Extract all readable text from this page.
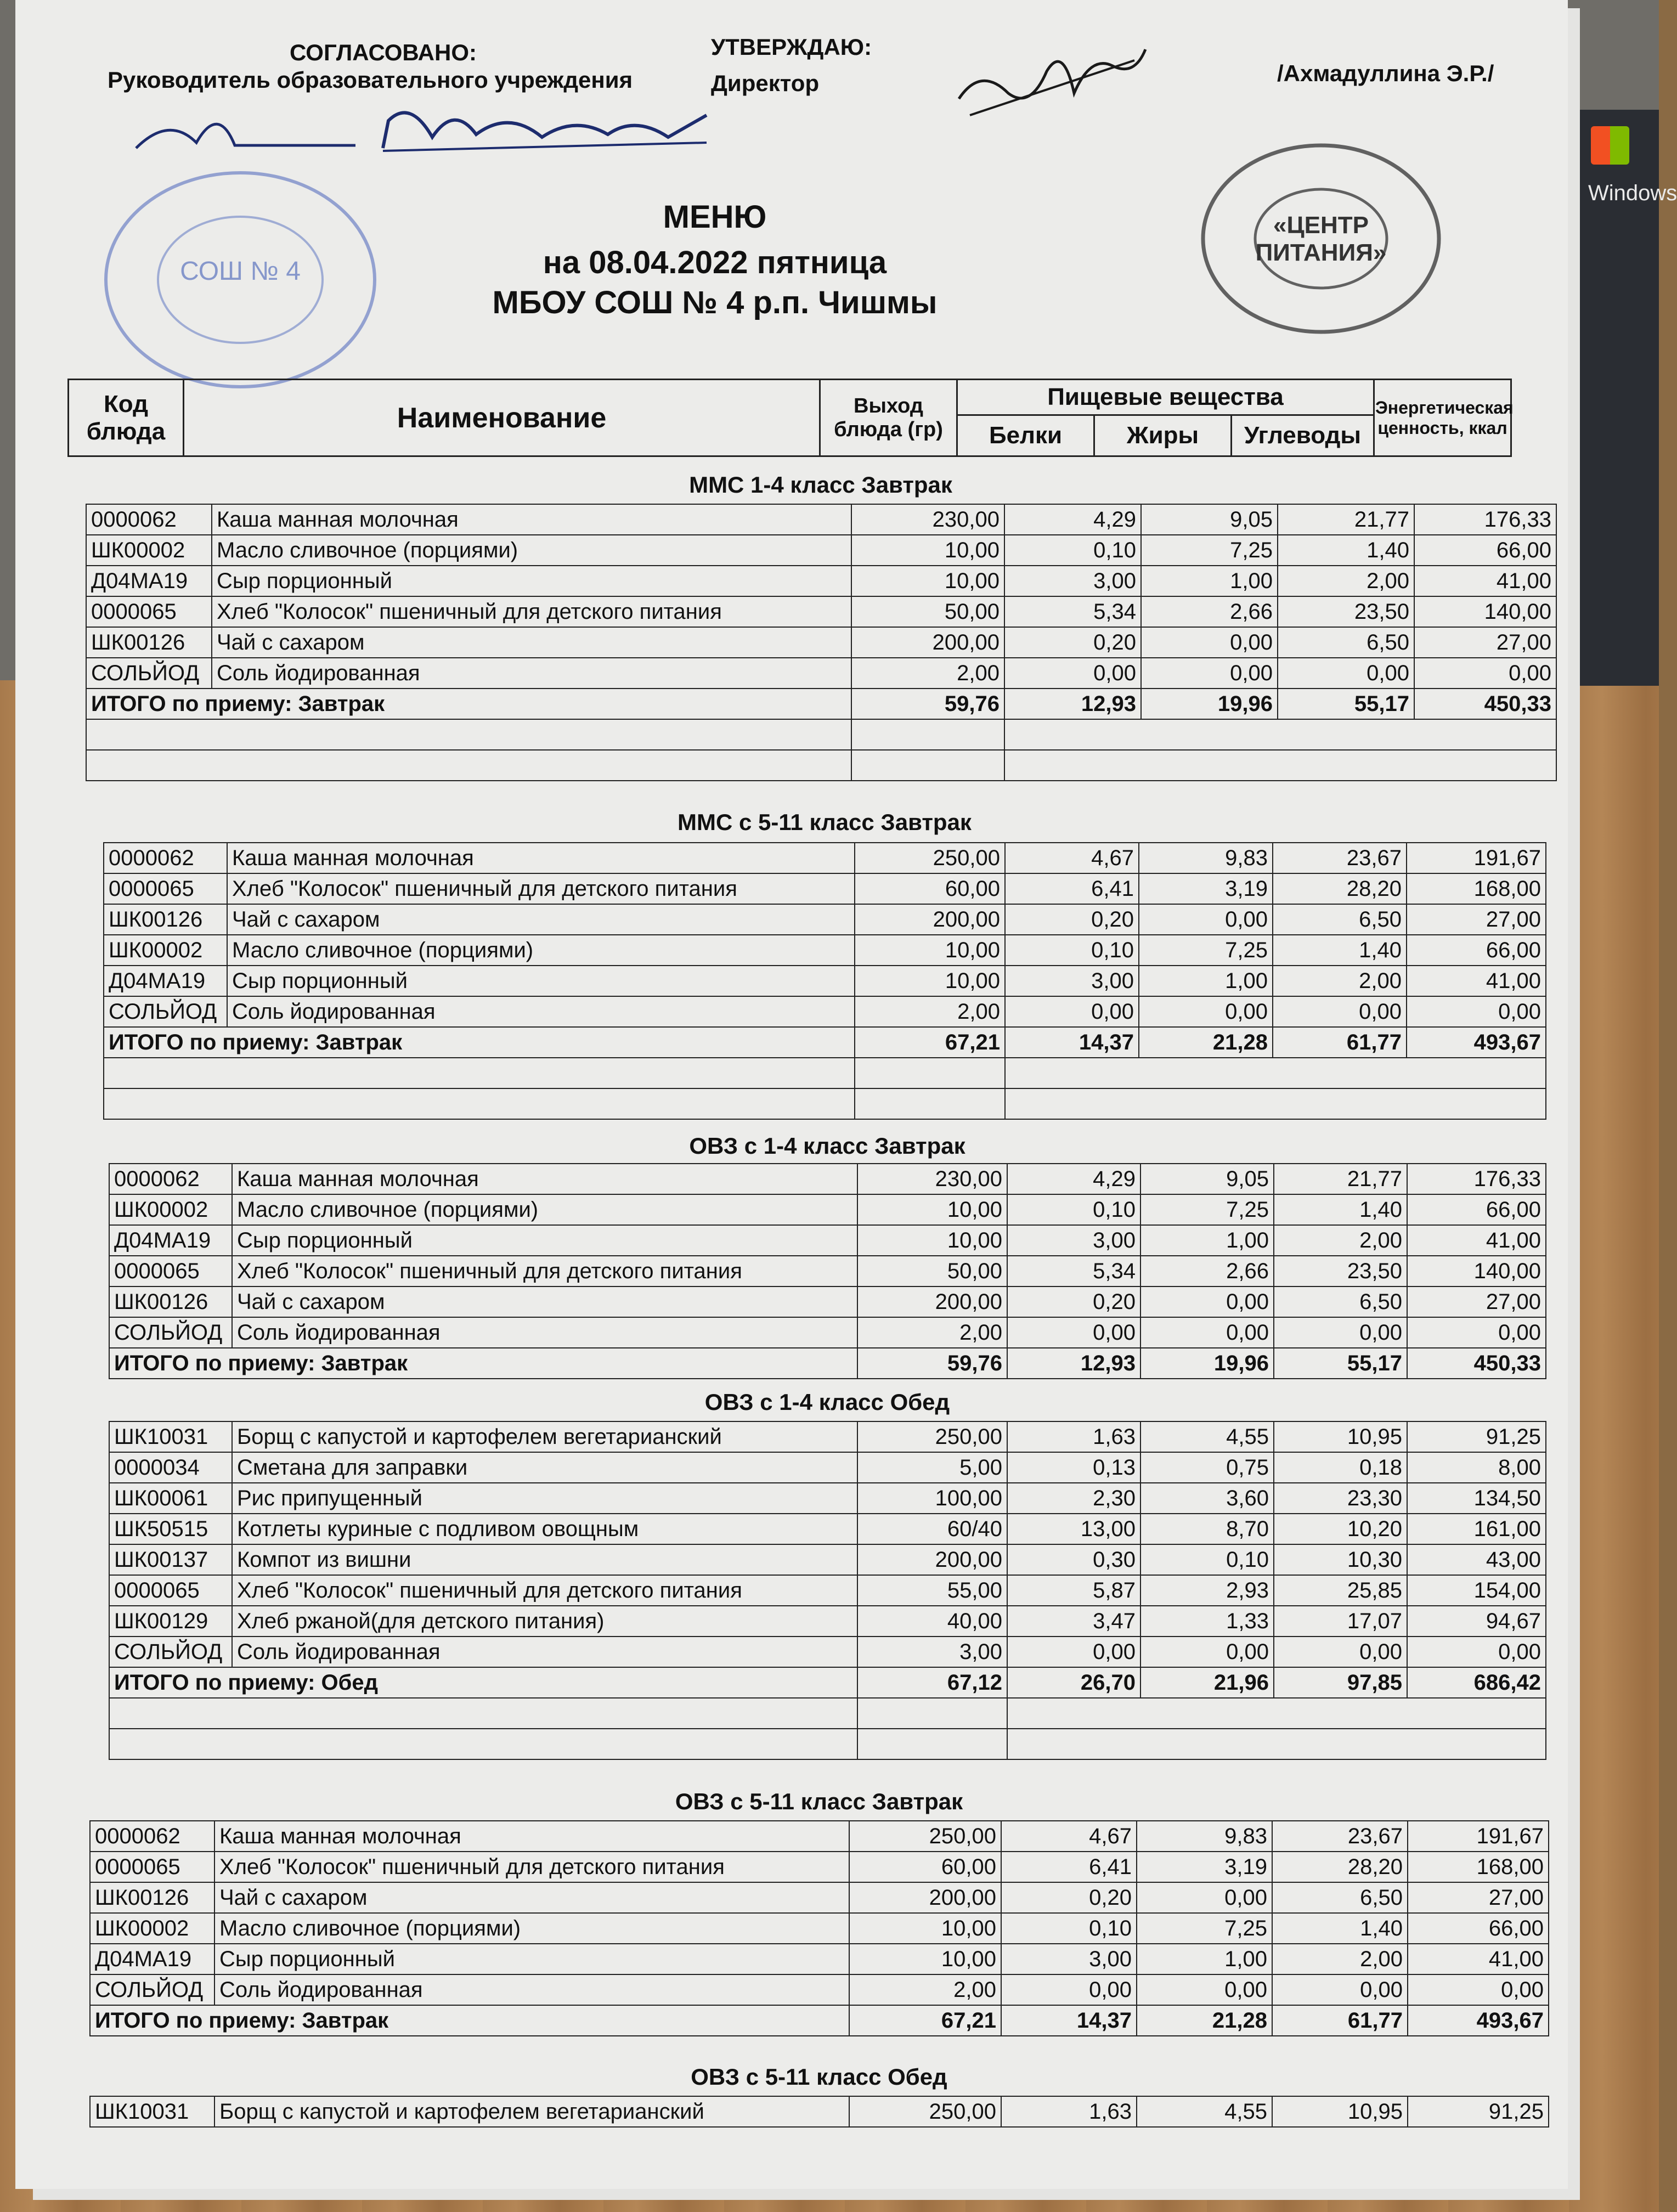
Windows
СОГЛАСОВАНО:
Руководитель образовательного учреждения
УТВЕРЖДАЮ:
Директор	/Ахмадуллина Э.Р./
СОШ № 4
«ЦЕНТР
ПИТАНИЯ»
МЕНЮ
на 08.04.2022 пятница
МБОУ СОШ № 4 р.п. Чишмы
Код блюда	Наименование	Выход блюда (гр)	Пищевые вещества			Энергетическая ценность, ккал
			Белки	Жиры	Углеводы	
ММС 1-4 класс Завтрак
0000062	Каша манная молочная	230,00	4,29	9,05	21,77	176,33
ШК00002	Масло сливочное (порциями)	10,00	0,10	7,25	1,40	66,00
Д04МА19	Сыр порционный	10,00	3,00	1,00	2,00	41,00
0000065	Хлеб "Колосок" пшеничный для детского питания	50,00	5,34	2,66	23,50	140,00
ШК00126	Чай с сахаром	200,00	0,20	0,00	6,50	27,00
СОЛЬЙОД	Соль йодированная	2,00	0,00	0,00	0,00	0,00
ИТОГО по приему: Завтрак		59,76	12,93	19,96	55,17	450,33

ММС с 5-11 класс Завтрак
0000062	Каша манная молочная	250,00	4,67	9,83	23,67	191,67
0000065	Хлеб "Колосок" пшеничный для детского питания	60,00	6,41	3,19	28,20	168,00
ШК00126	Чай с сахаром	200,00	0,20	0,00	6,50	27,00
ШК00002	Масло сливочное (порциями)	10,00	0,10	7,25	1,40	66,00
Д04МА19	Сыр порционный	10,00	3,00	1,00	2,00	41,00
СОЛЬЙОД	Соль йодированная	2,00	0,00	0,00	0,00	0,00
ИТОГО по приему: Завтрак		67,21	14,37	21,28	61,77	493,67

ОВЗ с 1-4 класс Завтрак
0000062	Каша манная молочная	230,00	4,29	9,05	21,77	176,33
ШК00002	Масло сливочное (порциями)	10,00	0,10	7,25	1,40	66,00
Д04МА19	Сыр порционный	10,00	3,00	1,00	2,00	41,00
0000065	Хлеб "Колосок" пшеничный для детского питания	50,00	5,34	2,66	23,50	140,00
ШК00126	Чай с сахаром	200,00	0,20	0,00	6,50	27,00
СОЛЬЙОД	Соль йодированная	2,00	0,00	0,00	0,00	0,00
ИТОГО по приему: Завтрак		59,76	12,93	19,96	55,17	450,33
ОВЗ с 1-4 класс Обед
ШК10031	Борщ с капустой и картофелем вегетарианский	250,00	1,63	4,55	10,95	91,25
0000034	Сметана для заправки	5,00	0,13	0,75	0,18	8,00
ШК00061	Рис припущенный	100,00	2,30	3,60	23,30	134,50
ШК50515	Котлеты куриные с подливом овощным	60/40	13,00	8,70	10,20	161,00
ШК00137	Компот из вишни	200,00	0,30	0,10	10,30	43,00
0000065	Хлеб "Колосок" пшеничный для детского питания	55,00	5,87	2,93	25,85	154,00
ШК00129	Хлеб ржаной(для детского питания)	40,00	3,47	1,33	17,07	94,67
СОЛЬЙОД	Соль йодированная	3,00	0,00	0,00	0,00	0,00
ИТОГО по приему: Обед		67,12	26,70	21,96	97,85	686,42

ОВЗ с 5-11 класс Завтрак
0000062	Каша манная молочная	250,00	4,67	9,83	23,67	191,67
0000065	Хлеб "Колосок" пшеничный для детского питания	60,00	6,41	3,19	28,20	168,00
ШК00126	Чай с сахаром	200,00	0,20	0,00	6,50	27,00
ШК00002	Масло сливочное (порциями)	10,00	0,10	7,25	1,40	66,00
Д04МА19	Сыр порционный	10,00	3,00	1,00	2,00	41,00
СОЛЬЙОД	Соль йодированная	2,00	0,00	0,00	0,00	0,00
ИТОГО по приему: Завтрак		67,21	14,37	21,28	61,77	493,67
ОВЗ с 5-11 класс Обед
ШК10031	Борщ с капустой и картофелем вегетарианский	250,00	1,63	4,55	10,95	91,25
